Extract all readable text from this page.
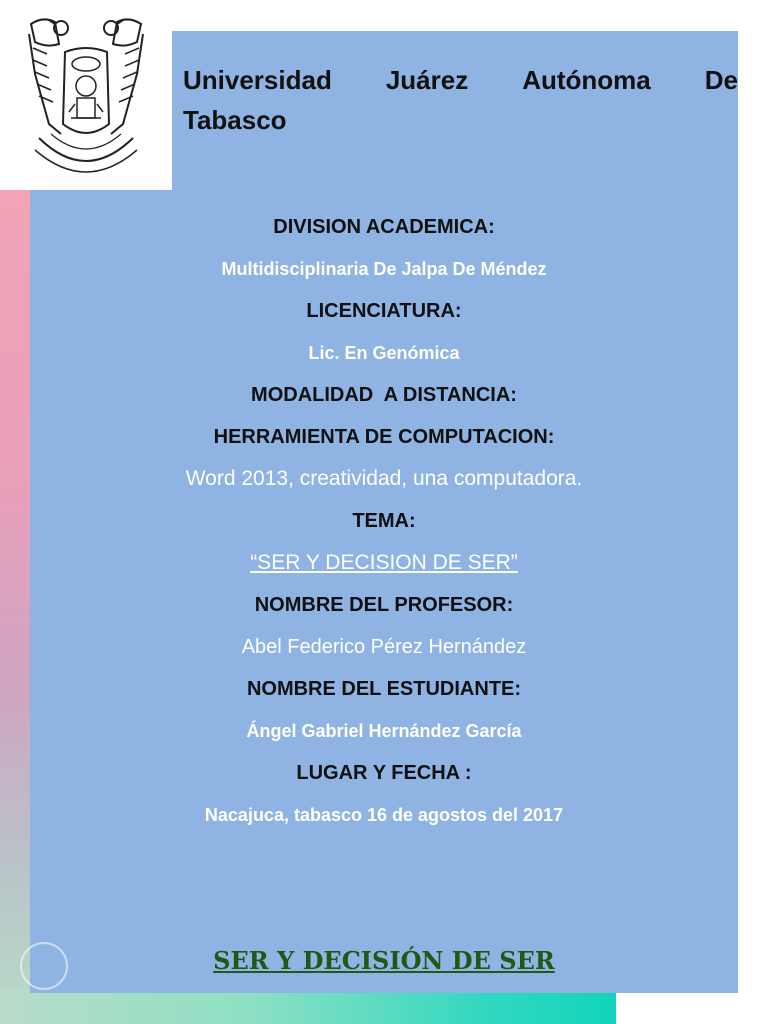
Universidad Juárez Autónoma De
Tabasco
DIVISION ACADEMICA:
Multidisciplinaria De Jalpa De Méndez
LICENCIATURA:
Lic. En Genómica
MODALIDAD  A DISTANCIA:
HERRAMIENTA DE COMPUTACION:
Word 2013, creatividad, una computadora.
TEMA:
“SER Y DECISION DE SER”
NOMBRE DEL PROFESOR:
Abel Federico Pérez Hernández
NOMBRE DEL ESTUDIANTE:
Ángel Gabriel Hernández García
LUGAR Y FECHA :
Nacajuca, tabasco 16 de agostos del 2017
SER Y DECISIÓN DE SER
